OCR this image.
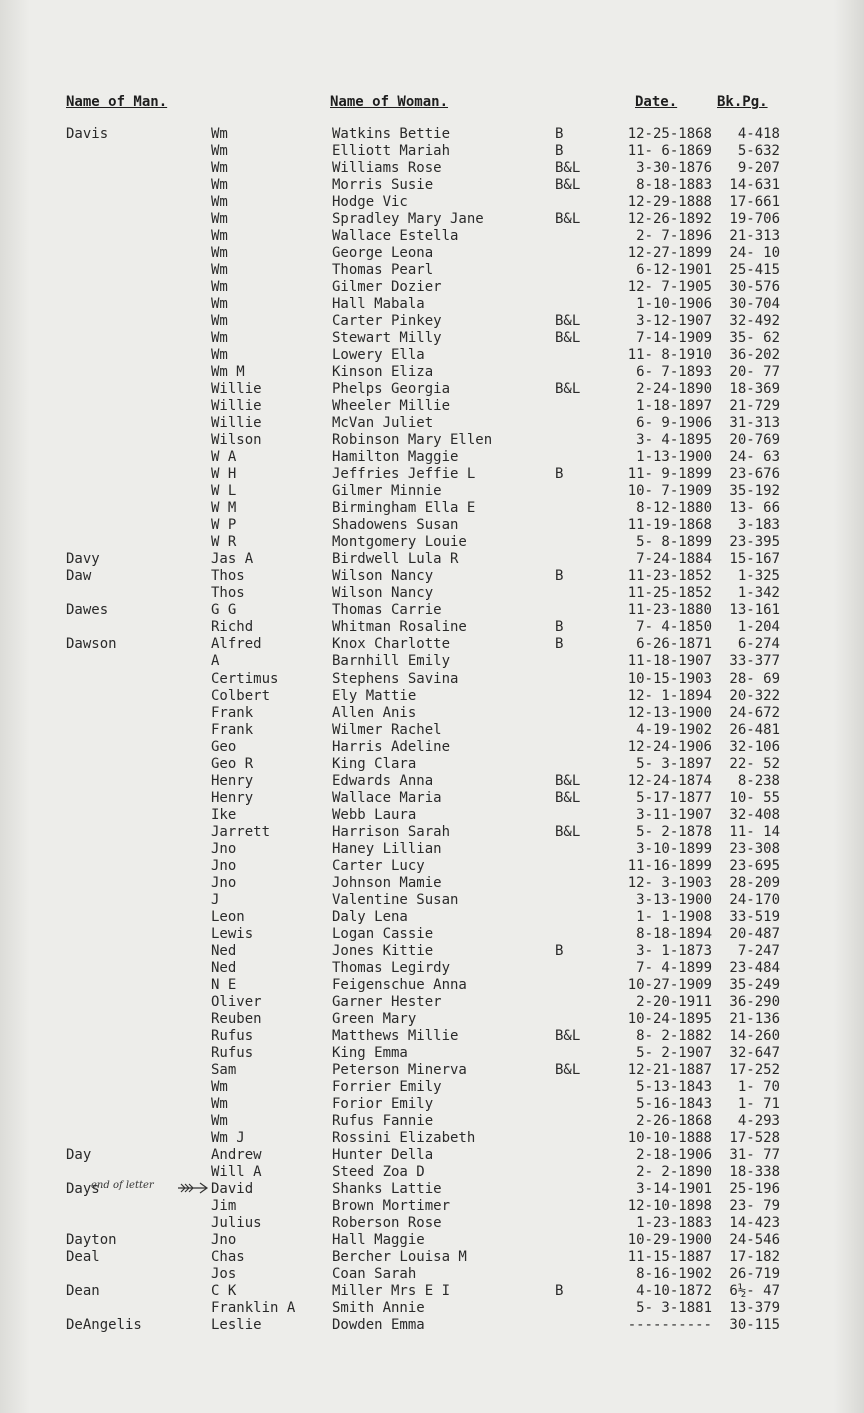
Name of Man.	Name of Woman.	Date.	Bk.Pg.
Davis	Wm	Watkins Bettie	B	12-25-1868	4-418
Wm	Elliott Mariah	B	11- 6-1869	5-632
Wm	Williams Rose	B&L	3-30-1876	9-207
Wm	Morris Susie	B&L	8-18-1883	14-631
Wm	Hodge Vic	12-29-1888	17-661
Wm	Spradley Mary Jane	B&L	12-26-1892	19-706
Wm	Wallace Estella	2- 7-1896	21-313
Wm	George Leona	12-27-1899	24- 10
Wm	Thomas Pearl	6-12-1901	25-415
Wm	Gilmer Dozier	12- 7-1905	30-576
Wm	Hall Mabala	1-10-1906	30-704
Wm	Carter Pinkey	B&L	3-12-1907	32-492
Wm	Stewart Milly	B&L	7-14-1909	35- 62
Wm	Lowery Ella	11- 8-1910	36-202
Wm M	Kinson Eliza	6- 7-1893	20- 77
Willie	Phelps Georgia	B&L	2-24-1890	18-369
Willie	Wheeler Millie	1-18-1897	21-729
Willie	McVan Juliet	6- 9-1906	31-313
Wilson	Robinson Mary Ellen	3- 4-1895	20-769
W A	Hamilton Maggie	1-13-1900	24- 63
W H	Jeffries Jeffie L	B	11- 9-1899	23-676
W L	Gilmer Minnie	10- 7-1909	35-192
W M	Birmingham Ella E	8-12-1880	13- 66
W P	Shadowens Susan	11-19-1868	3-183
W R	Montgomery Louie	5- 8-1899	23-395
Davy	Jas A	Birdwell Lula R	7-24-1884	15-167
Daw	Thos	Wilson Nancy	B	11-23-1852	1-325
Thos	Wilson Nancy	11-25-1852	1-342
Dawes	G G	Thomas Carrie	11-23-1880	13-161
Richd	Whitman Rosaline	B	7- 4-1850	1-204
Dawson	Alfred	Knox Charlotte	B	6-26-1871	6-274
A	Barnhill Emily	11-18-1907	33-377
Certimus	Stephens Savina	10-15-1903	28- 69
Colbert	Ely Mattie	12- 1-1894	20-322
Frank	Allen Anis	12-13-1900	24-672
Frank	Wilmer Rachel	4-19-1902	26-481
Geo	Harris Adeline	12-24-1906	32-106
Geo R	King Clara	5- 3-1897	22- 52
Henry	Edwards Anna	B&L	12-24-1874	8-238
Henry	Wallace Maria	B&L	5-17-1877	10- 55
Ike	Webb Laura	3-11-1907	32-408
Jarrett	Harrison Sarah	B&L	5- 2-1878	11- 14
Jno	Haney Lillian	3-10-1899	23-308
Jno	Carter Lucy	11-16-1899	23-695
Jno	Johnson Mamie	12- 3-1903	28-209
J	Valentine Susan	3-13-1900	24-170
Leon	Daly Lena	1- 1-1908	33-519
Lewis	Logan Cassie	8-18-1894	20-487
Ned	Jones Kittie	B	3- 1-1873	7-247
Ned	Thomas Legirdy	7- 4-1899	23-484
N E	Feigenschue Anna	10-27-1909	35-249
Oliver	Garner Hester	2-20-1911	36-290
Reuben	Green Mary	10-24-1895	21-136
Rufus	Matthews Millie	B&L	8- 2-1882	14-260
Rufus	King Emma	5- 2-1907	32-647
Sam	Peterson Minerva	B&L	12-21-1887	17-252
Wm	Forrier Emily	5-13-1843	1- 70
Wm	Forior Emily	5-16-1843	1- 71
Wm	Rufus Fannie	2-26-1868	4-293
Wm J	Rossini Elizabeth	10-10-1888	17-528
Day	Andrew	Hunter Della	2-18-1906	31- 77
Will A	Steed Zoa D	2- 2-1890	18-338
Days	David	Shanks Lattie	3-14-1901	25-196
Jim	Brown Mortimer	12-10-1898	23- 79
Julius	Roberson Rose	1-23-1883	14-423
Dayton	Jno	Hall Maggie	10-29-1900	24-546
Deal	Chas	Bercher Louisa M	11-15-1887	17-182
Jos	Coan Sarah	8-16-1902	26-719
Dean	C K	Miller Mrs E I	B	4-10-1872	6½- 47
Franklin A	Smith Annie	5- 3-1881	13-379
DeAngelis	Leslie	Dowden Emma	----------	30-115
end of letter
